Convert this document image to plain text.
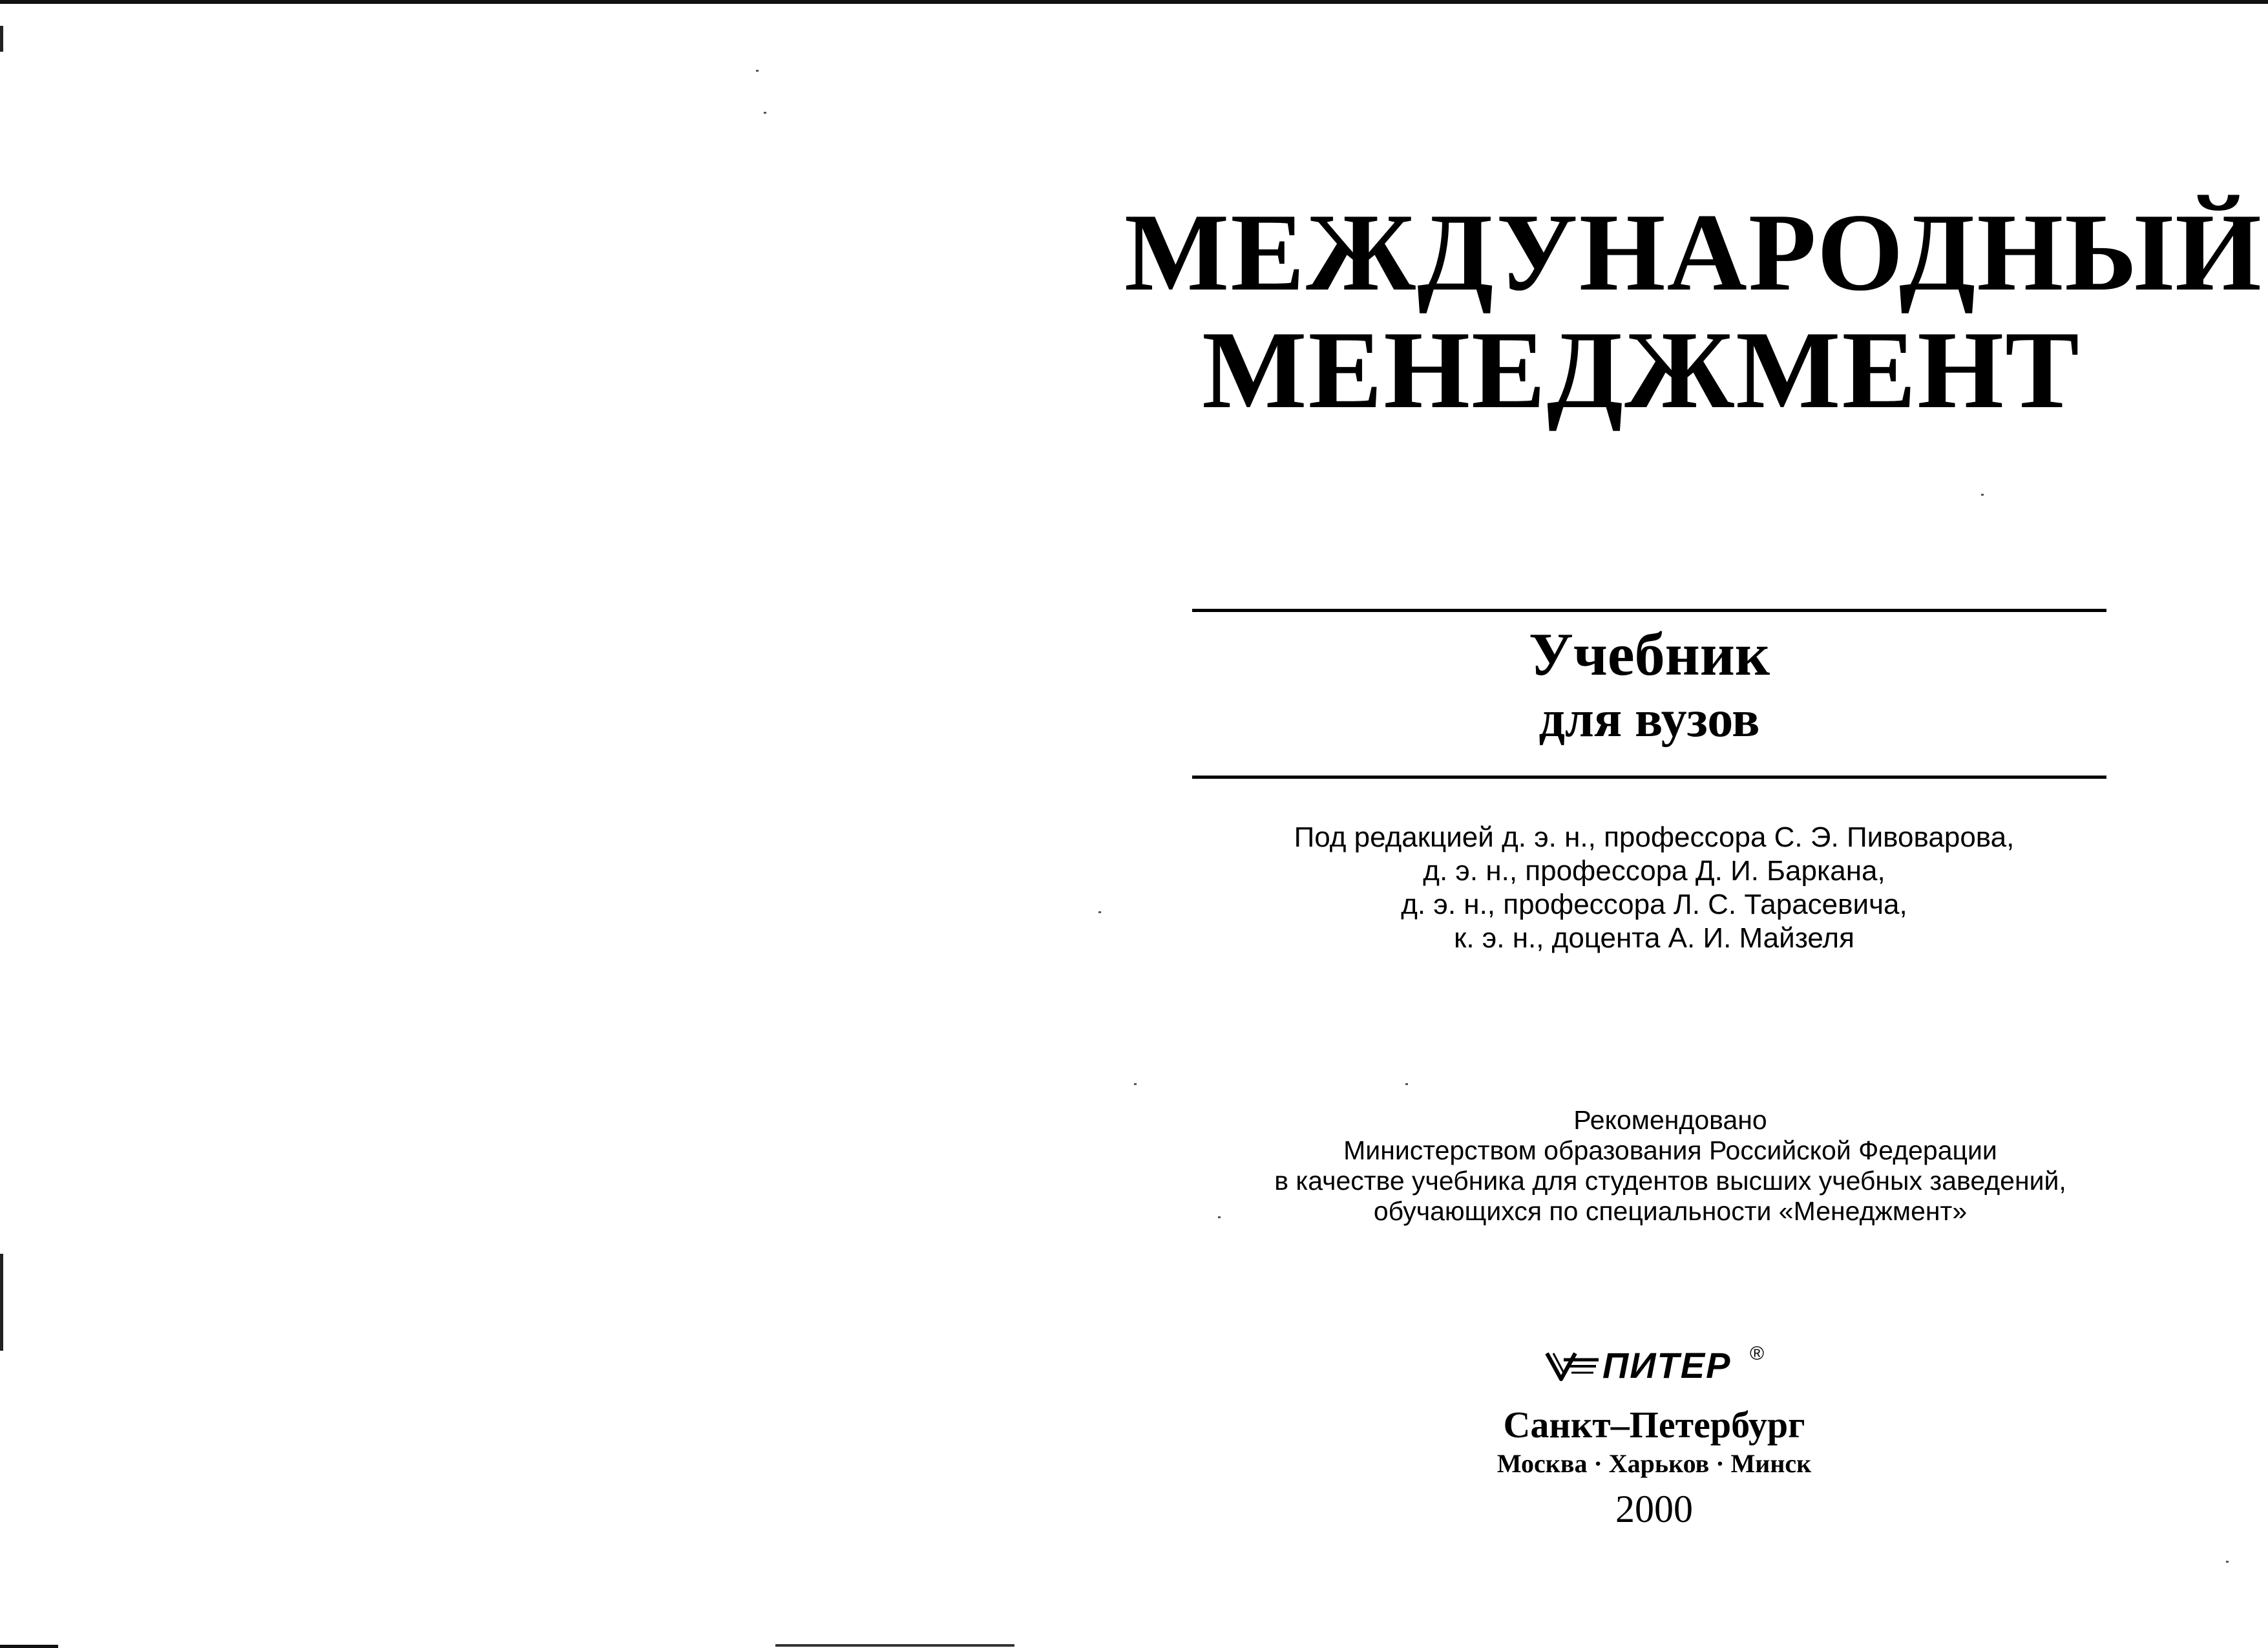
МЕЖДУНАРОДНЫЙ
МЕНЕДЖМЕНТ
Учебник
для вузов
Под редакцией д. э. н., профессора С. Э. Пивоварова,
д. э. н., профессора Д. И. Баркана,
д. э. н., профессора Л. С. Тарасевича,
к. э. н., доцента А. И. Майзеля
Рекомендовано
Министерством образования Российской Федерации
в качестве учебника для студентов высших учебных заведений,
обучающихся по специальности «Менеджмент»
ПИТЕР ®
Санкт–Петербург
Москва · Харьков · Минск
2000
